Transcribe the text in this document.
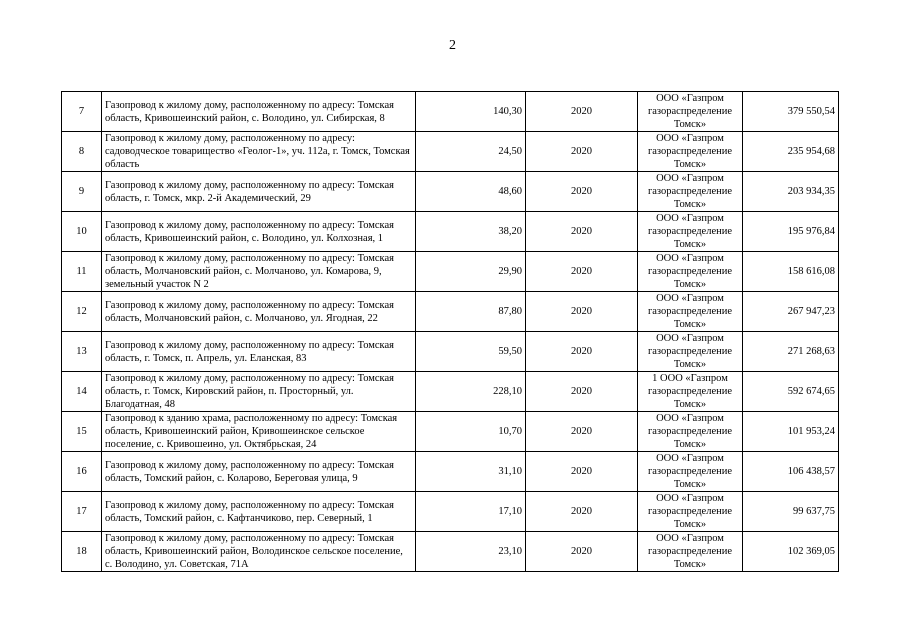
2
7	Газопровод к жилому дому, расположенному по адресу: Томская область, Кривошеинский район, с. Володино, ул. Сибирская, 8	140,30	2020	ООО «Газпром газораспределение Томск»	379 550,54
8	Газопровод к жилому дому, расположенному по адресу: садоводческое товарищество «Геолог-1», уч. 112а, г. Томск, Томская область	24,50	2020	ООО «Газпром газораспределение Томск»	235 954,68
9	Газопровод к жилому дому, расположенному по адресу: Томская область, г. Томск, мкр. 2-й Академический, 29	48,60	2020	ООО «Газпром газораспределение Томск»	203 934,35
10	Газопровод к жилому дому, расположенному по адресу: Томская область, Кривошеинский район, с. Володино, ул. Колхозная, 1	38,20	2020	ООО «Газпром газораспределение Томск»	195 976,84
11	Газопровод к жилому дому, расположенному по адресу: Томская область, Молчановский район, с. Молчаново, ул. Комарова, 9, земельный участок N 2	29,90	2020	ООО «Газпром газораспределение Томск»	158 616,08
12	Газопровод к жилому дому, расположенному по адресу: Томская область, Молчановский район, с. Молчаново, ул. Ягодная, 22	87,80	2020	ООО «Газпром газораспределение Томск»	267 947,23
13	Газопровод к жилому дому, расположенному по адресу: Томская область, г. Томск, п. Апрель, ул. Еланская, 83	59,50	2020	ООО «Газпром газораспределение Томск»	271 268,63
14	Газопровод к жилому дому, расположенному по адресу: Томская область, г. Томск, Кировский район, п. Просторный, ул. Благодатная, 48	228,10	2020	1 ООО «Газпром газораспределение Томск»	592 674,65
15	Газопровод к зданию храма, расположенному по адресу: Томская область, Кривошеинский район, Кривошеинское сельское поселение, с. Кривошеино, ул. Октябрьская, 24	10,70	2020	ООО «Газпром газораспределение Томск»	101 953,24
16	Газопровод к жилому дому, расположенному по адресу: Томская область, Томский район, с. Коларово, Береговая улица, 9	31,10	2020	ООО «Газпром газораспределение Томск»	106 438,57
17	Газопровод к жилому дому, расположенному по адресу: Томская область, Томский район, с. Кафтанчиково, пер. Северный, 1	17,10	2020	ООО «Газпром газораспределение Томск»	99 637,75
18	Газопровод к жилому дому, расположенному по адресу: Томская область, Кривошеинский район, Володинское сельское поселение, с. Володино, ул. Советская, 71А	23,10	2020	ООО «Газпром газораспределение Томск»	102 369,05
